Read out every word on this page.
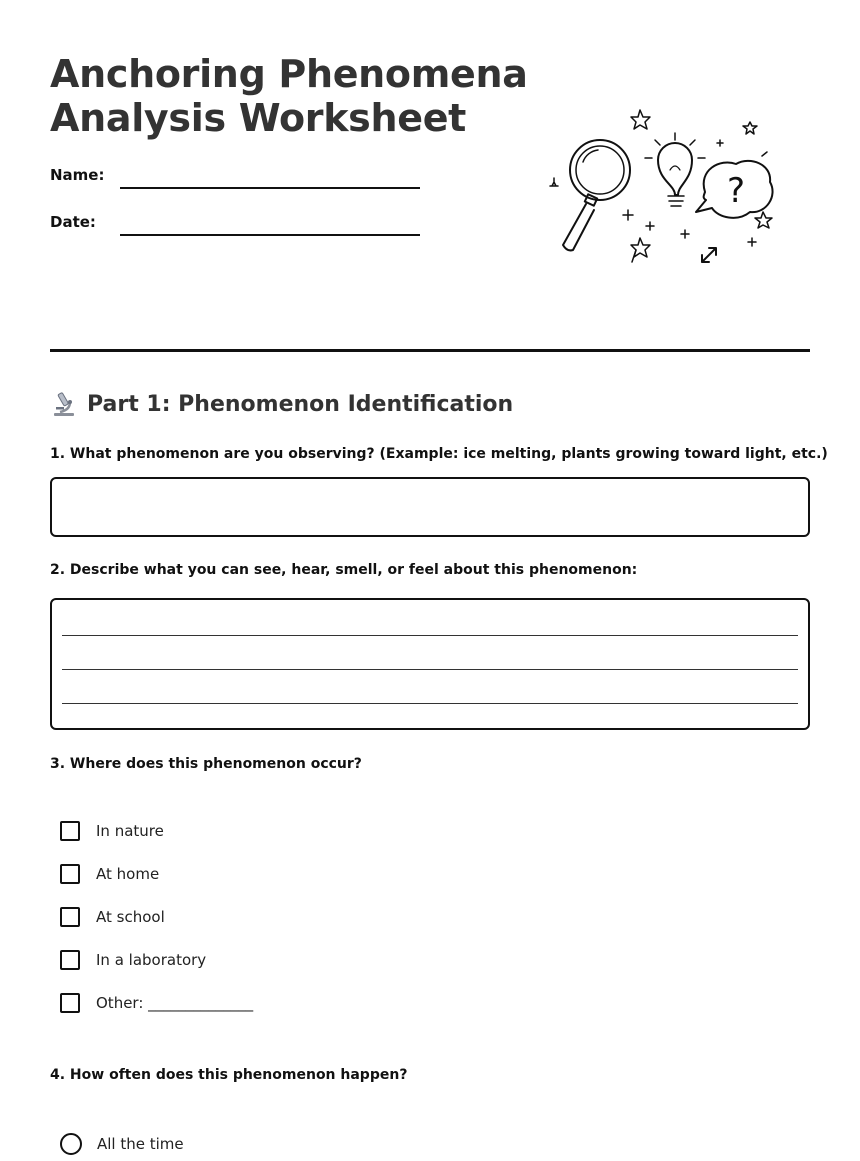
Anchoring Phenomena
Analysis Worksheet
Name:
Date:
?
Part 1: Phenomenon Identification

1. What phenomenon are you observing? (Example: ice melting, plants growing toward light, etc.)

2. Describe what you can see, hear, smell, or feel about this phenomenon:

3. Where does this phenomenon occur?

In nature
At home
At school
In a laboratory
Other: ______________

4. How often does this phenomenon happen?

All the time
